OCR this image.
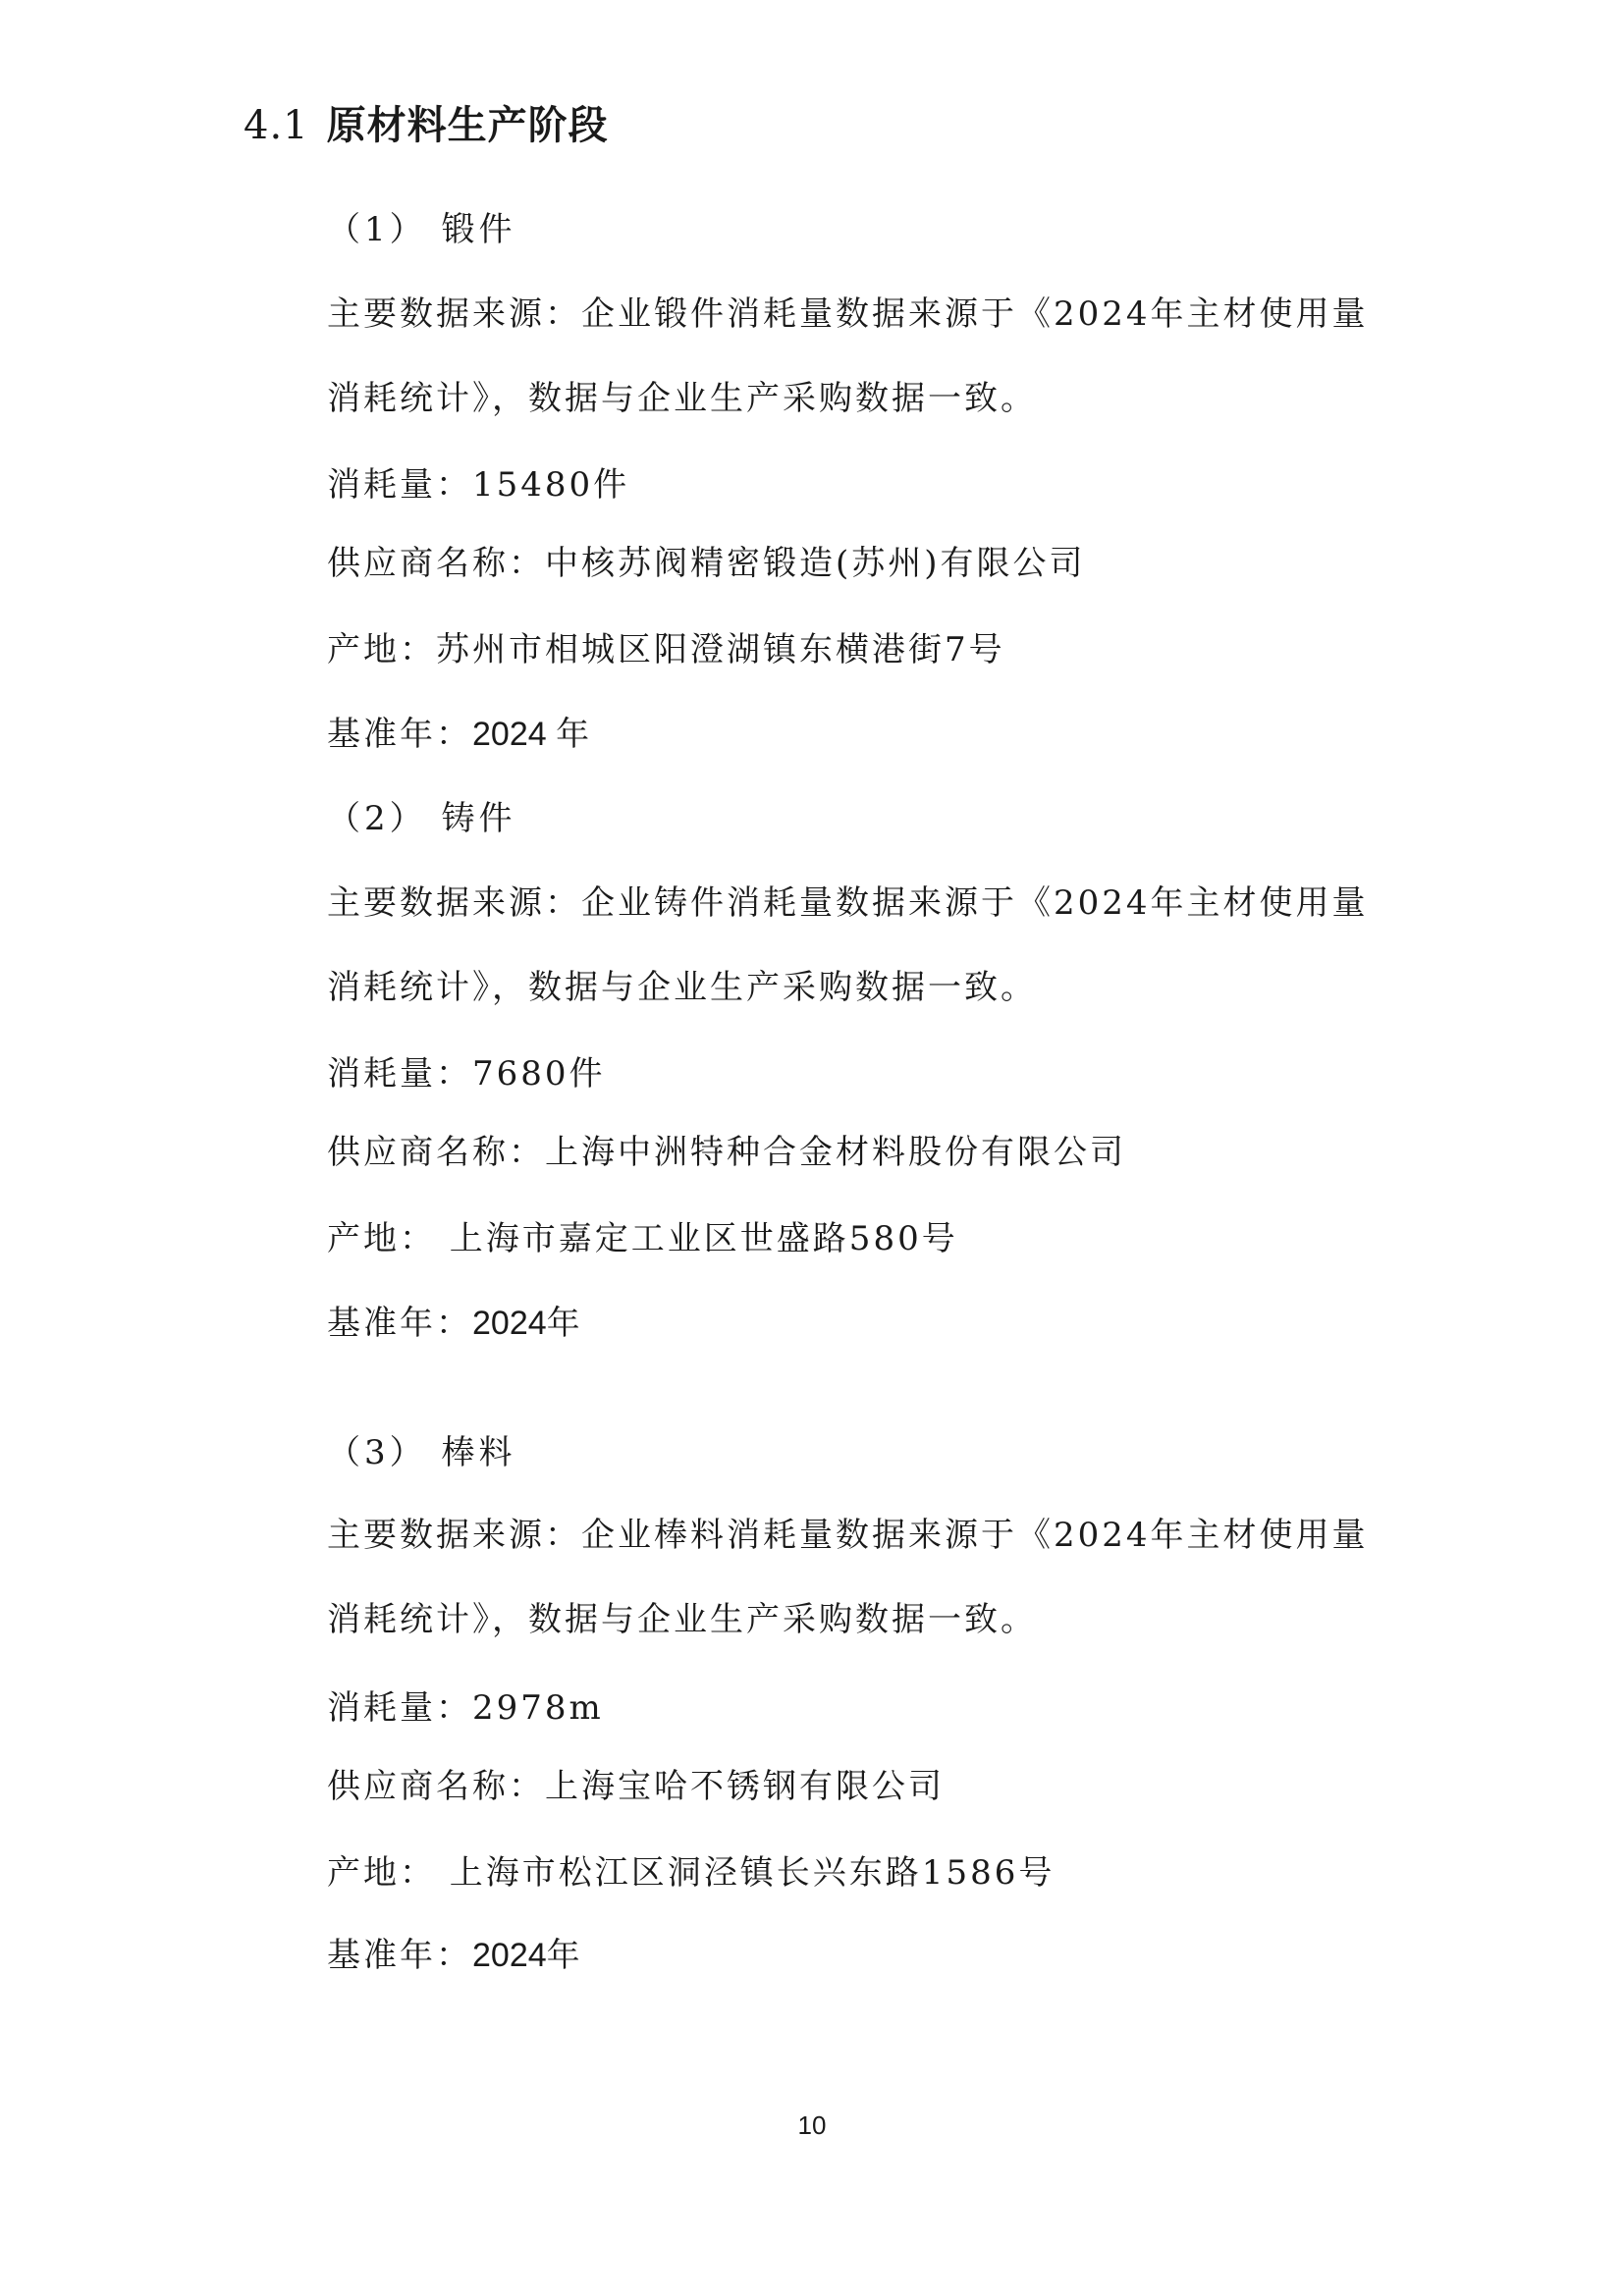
4.1 原材料生产阶段
（1） 锻件
主要数据来源：企业锻件消耗量数据来源于《2024年主材使用量
消耗统计》，数据与企业生产采购数据一致。
消耗量：15480件
供应商名称：中核苏阀精密锻造(苏州)有限公司
产地：苏州市相城区阳澄湖镇东横港街7号
基准年：2024 年
（2） 铸件
主要数据来源：企业铸件消耗量数据来源于《2024年主材使用量
消耗统计》，数据与企业生产采购数据一致。
消耗量：7680件
供应商名称：上海中洲特种合金材料股份有限公司
产地： 上海市嘉定工业区世盛路580号
基准年：2024年
（3） 棒料
主要数据来源：企业棒料消耗量数据来源于《2024年主材使用量
消耗统计》，数据与企业生产采购数据一致。
消耗量：2978m
供应商名称：上海宝哈不锈钢有限公司
产地： 上海市松江区洞泾镇长兴东路1586号
基准年：2024年
10
